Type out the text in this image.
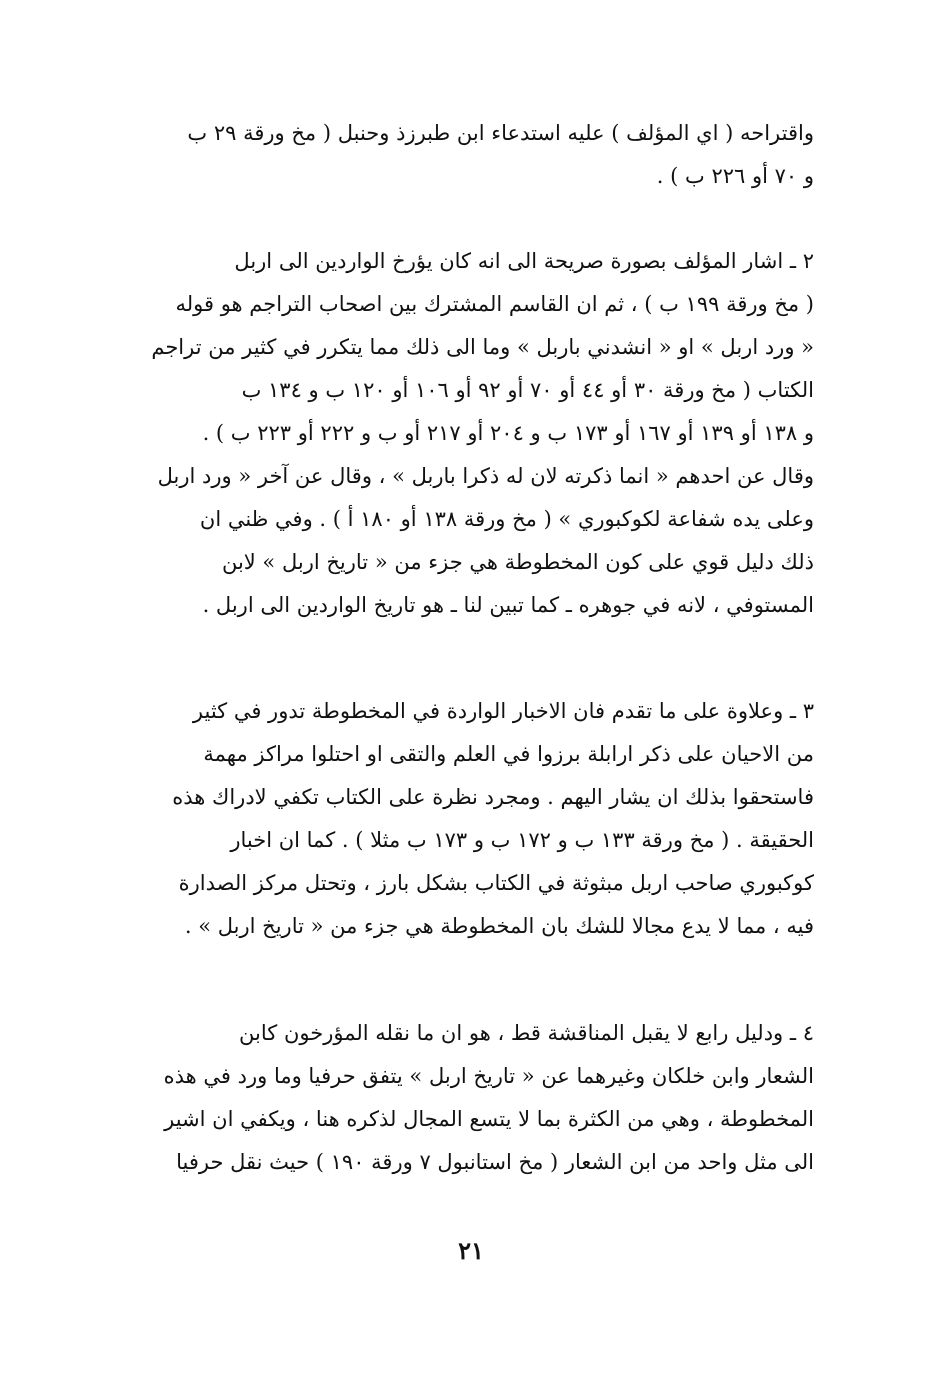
واقتراحه ( اي المؤلف ) عليه استدعاء ابن طبرزذ وحنبل ( مخ ورقة ٢٩ ب
و ٧٠ أو ٢٢٦ ب ) .
٢ ـ اشار المؤلف بصورة صريحة الى انه كان يؤرخ الواردين الى اربل
( مخ ورقة ١٩٩ ب ) ، ثم ان القاسم المشترك بين اصحاب التراجم هو قوله
« ورد اربل » او « انشدني باربل » وما الى ذلك مما يتكرر في كثير من تراجم
الكتاب ( مخ ورقة ٣٠ أو ٤٤ أو ٧٠ أو ٩٢ أو ١٠٦ أو ١٢٠ ب و ١٣٤ ب
و ١٣٨ أو ١٣٩ أو ١٦٧ أو ١٧٣ ب و ٢٠٤ أو ٢١٧ أو ب و ٢٢٢ أو ٢٢٣ ب ) .
وقال عن احدهم « انما ذكرته لان له ذكرا باربل » ، وقال عن آخر « ورد اربل
وعلى يده شفاعة لكوكبوري » ( مخ ورقة ١٣٨ أو ١٨٠ أ ) . وفي ظني ان
ذلك دليل قوي على كون المخطوطة هي جزء من « تاريخ اربل » لابن
المستوفي ، لانه في جوهره ـ كما تبين لنا ـ هو تاريخ الواردين الى اربل .
٣ ـ وعلاوة على ما تقدم فان الاخبار الواردة في المخطوطة تدور في كثير
من الاحيان على ذكر ارابلة برزوا في العلم والتقى او احتلوا مراكز مهمة
فاستحقوا بذلك ان يشار اليهم . ومجرد نظرة على الكتاب تكفي لادراك هذه
الحقيقة . ( مخ ورقة ١٣٣ ب و ١٧٢ ب و ١٧٣ ب مثلا ) . كما ان اخبار
كوكبوري صاحب اربل مبثوثة في الكتاب بشكل بارز ، وتحتل مركز الصدارة
فيه ، مما لا يدع مجالا للشك بان المخطوطة هي جزء من « تاريخ اربل » .
٤ ـ ودليل رابع لا يقبل المناقشة قط ، هو ان ما نقله المؤرخون كابن
الشعار وابن خلكان وغيرهما عن « تاريخ اربل » يتفق حرفيا وما ورد في هذه
المخطوطة ، وهي من الكثرة بما لا يتسع المجال لذكره هنا ، ويكفي ان اشير
الى مثل واحد من ابن الشعار ( مخ استانبول ٧ ورقة ١٩٠ ) حيث نقل حرفيا
٢١
